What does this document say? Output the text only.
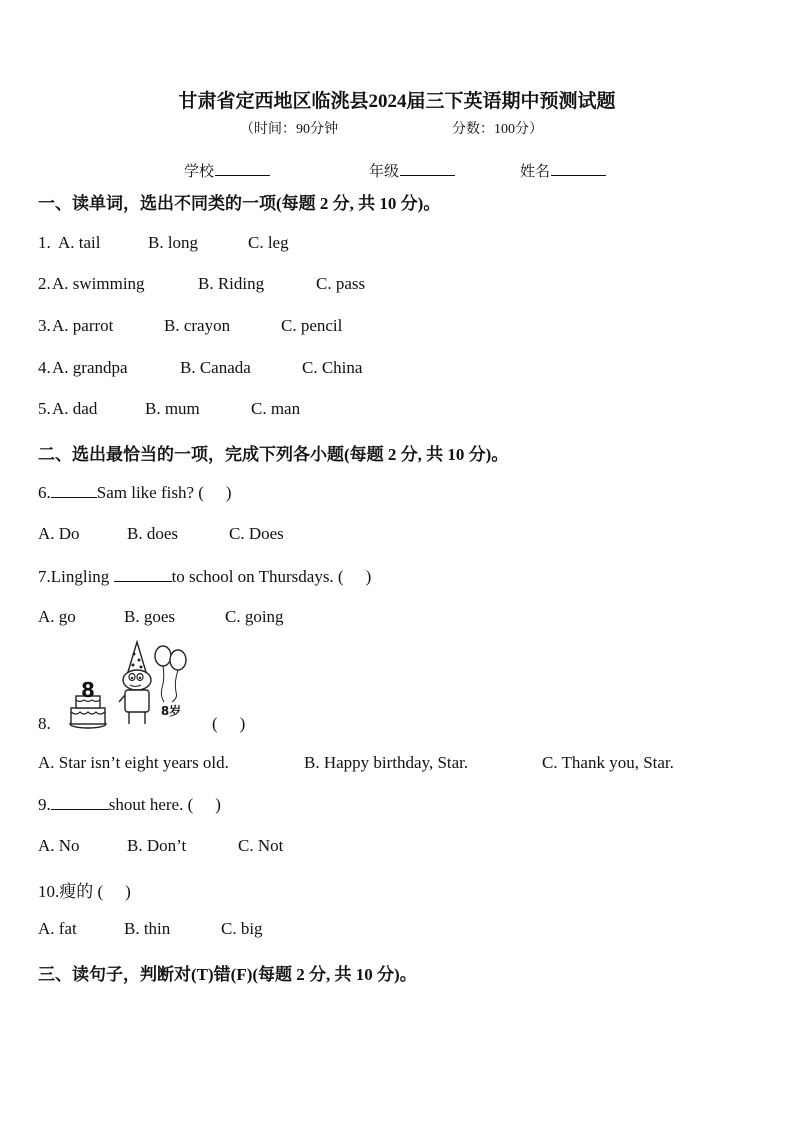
甘肃省定西地区临洮县2024届三下英语期中预测试题
（时间：90分钟	分数：100分）
学校	年级	姓名
一、读单词，选出不同类的一项(每题 2 分, 共 10 分)。
1. A. tail	B. long	C. leg
2. A. swimming	B. Riding	C. pass
3. A. parrot	B. crayon	C. pencil
4. A. grandpa	B. Canada	C. China
5. A. dad	B. mum	C. man
二、选出最恰当的一项，完成下列各小题(每题 2 分, 共 10 分)。
6.	Sam like fish? ( )
A. Do	B. does	C. Does
7.Lingling	to school on Thursdays. ( )
A. go	B. goes	C. going
8
8岁
8.	( )
A. Star isn’t eight years old.	B. Happy birthday, Star.	C. Thank you, Star.
9.	shout here. ( )
A. No	B. Don’t	C. Not
10.瘦的 ( )
A. fat	B. thin	C. big
三、读句子，判断对(T)错(F)(每题 2 分, 共 10 分)。
